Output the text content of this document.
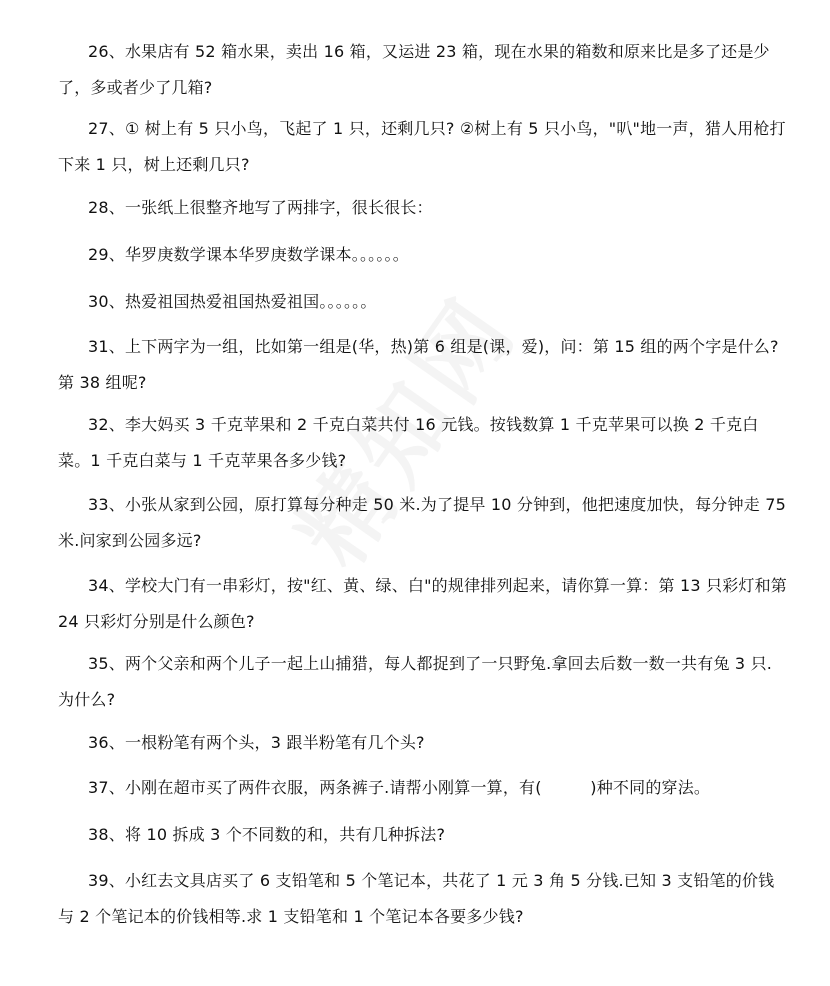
26、水果店有 52 箱水果，卖出 16 箱，又运进 23 箱，现在水果的箱数和原来比是多了还是少了，多或者少了几箱?

27、① 树上有 5 只小鸟，飞起了 1 只，还剩几只? ②树上有 5 只小鸟，"叭"地一声，猎人用枪打下来 1 只，树上还剩几只?

28、一张纸上很整齐地写了两排字，很长很长：

29、华罗庚数学课本华罗庚数学课本。。。。。。

30、热爱祖国热爱祖国热爱祖国。。。。。。

31、上下两字为一组，比如第一组是(华，热)第 6 组是(课，爱)，问：第 15 组的两个字是什么?第 38 组呢?

32、李大妈买 3 千克苹果和 2 千克白菜共付 16 元钱。按钱数算 1 千克苹果可以换 2 千克白菜。1 千克白菜与 1 千克苹果各多少钱?

33、小张从家到公园，原打算每分种走 50 米.为了提早 10 分钟到，他把速度加快，每分钟走 75 米.问家到公园多远?

34、学校大门有一串彩灯，按"红、黄、绿、白"的规律排列起来，请你算一算：第 13 只彩灯和第 24 只彩灯分别是什么颜色?

35、两个父亲和两个儿子一起上山捕猎，每人都捉到了一只野兔.拿回去后数一数一共有兔 3 只.为什么?

36、一根粉笔有两个头，3 跟半粉笔有几个头?

37、小刚在超市买了两件衣服，两条裤子.请帮小刚算一算，有(　　　)种不同的穿法。

38、将 10 拆成 3 个不同数的和，共有几种拆法?

39、小红去文具店买了 6 支铅笔和 5 个笔记本，共花了 1 元 3 角 5 分钱.已知 3 支铅笔的价钱与 2 个笔记本的价钱相等.求 1 支铅笔和 1 个笔记本各要多少钱?
